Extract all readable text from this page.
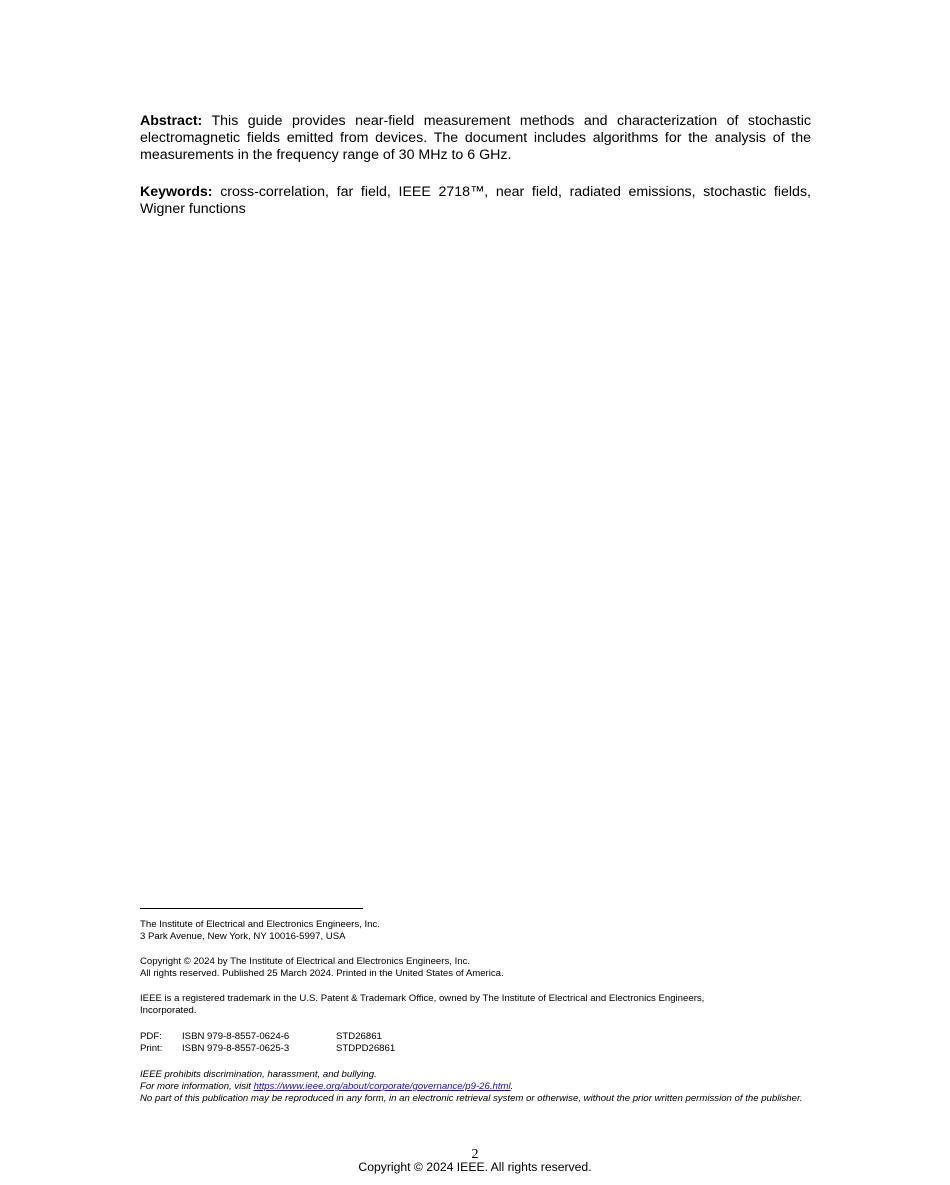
Abstract: This guide provides near-field measurement methods and characterization of stochastic electromagnetic fields emitted from devices. The document includes algorithms for the analysis of the measurements in the frequency range of 30 MHz to 6 GHz.

Keywords: cross-correlation, far field, IEEE 2718™, near field, radiated emissions, stochastic fields, Wigner functions

The Institute of Electrical and Electronics Engineers, Inc.
3 Park Avenue, New York, NY 10016-5997, USA
Copyright © 2024 by The Institute of Electrical and Electronics Engineers, Inc.
All rights reserved. Published 25 March 2024. Printed in the United States of America.
IEEE is a registered trademark in the U.S. Patent & Trademark Office, owned by The Institute of Electrical and Electronics Engineers, Incorporated.
PDF:	ISBN 979-8-8557-0624-6	STD26861
Print:	ISBN 979-8-8557-0625-3	STDPD26861
IEEE prohibits discrimination, harassment, and bullying.
For more information, visit https://www.ieee.org/about/corporate/governance/p9-26.html.
No part of this publication may be reproduced in any form, in an electronic retrieval system or otherwise, without the prior written permission of the publisher.
2
Copyright © 2024 IEEE. All rights reserved.
